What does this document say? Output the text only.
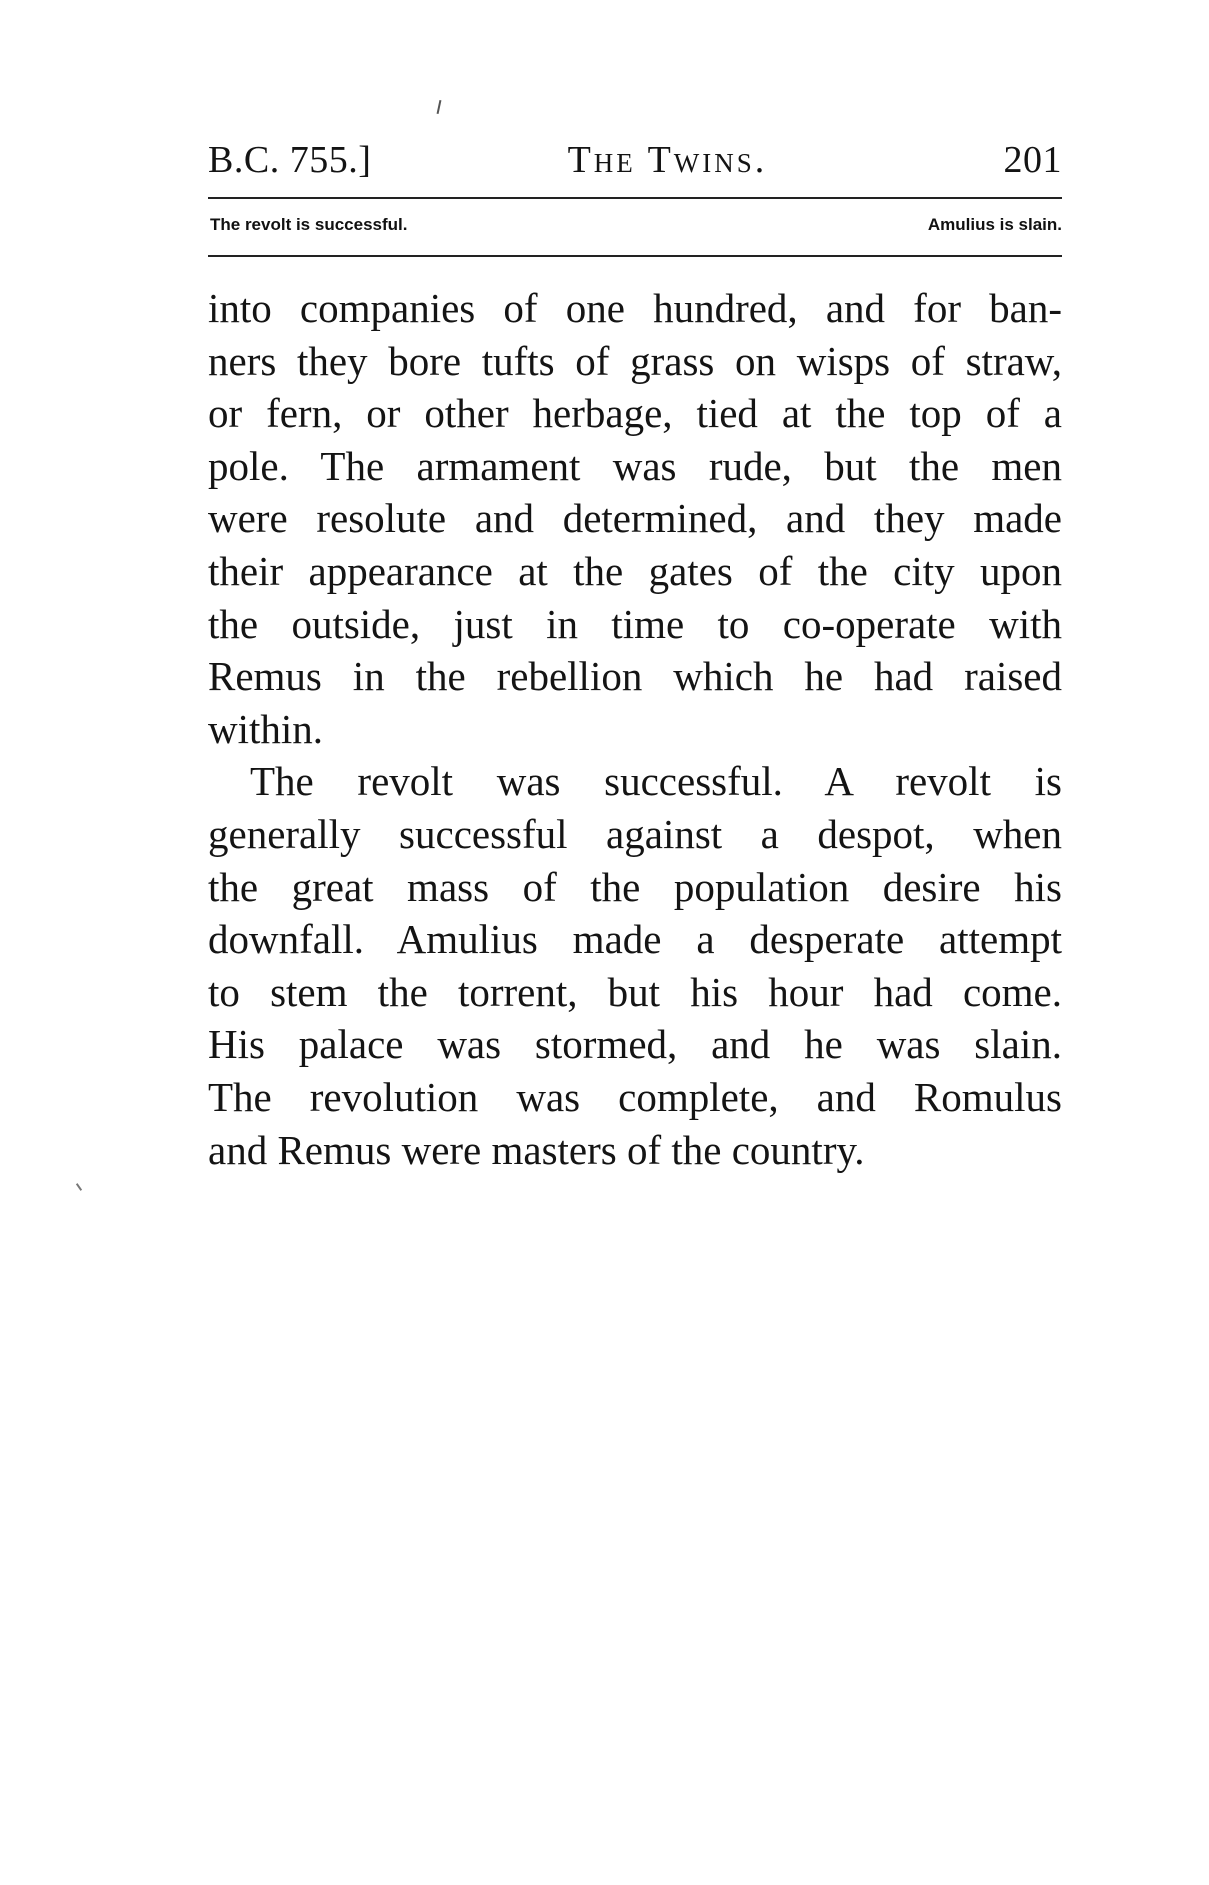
B.C. 755.]	The Twins.	201
The revolt is successful.	Amulius is slain.

into companies of one hundred, and for ban-
ners they bore tufts of grass on wisps of straw,
or fern, or other herbage, tied at the top of a
pole. The armament was rude, but the men
were resolute and determined, and they made
their appearance at the gates of the city upon
the outside, just in time to co-operate with
Remus in the rebellion which he had raised
within.

The revolt was successful. A revolt is
generally successful against a despot, when
the great mass of the population desire his
downfall. Amulius made a desperate attempt
to stem the torrent, but his hour had come.
His palace was stormed, and he was slain.
The revolution was complete, and Romulus
and Remus were masters of the country.
